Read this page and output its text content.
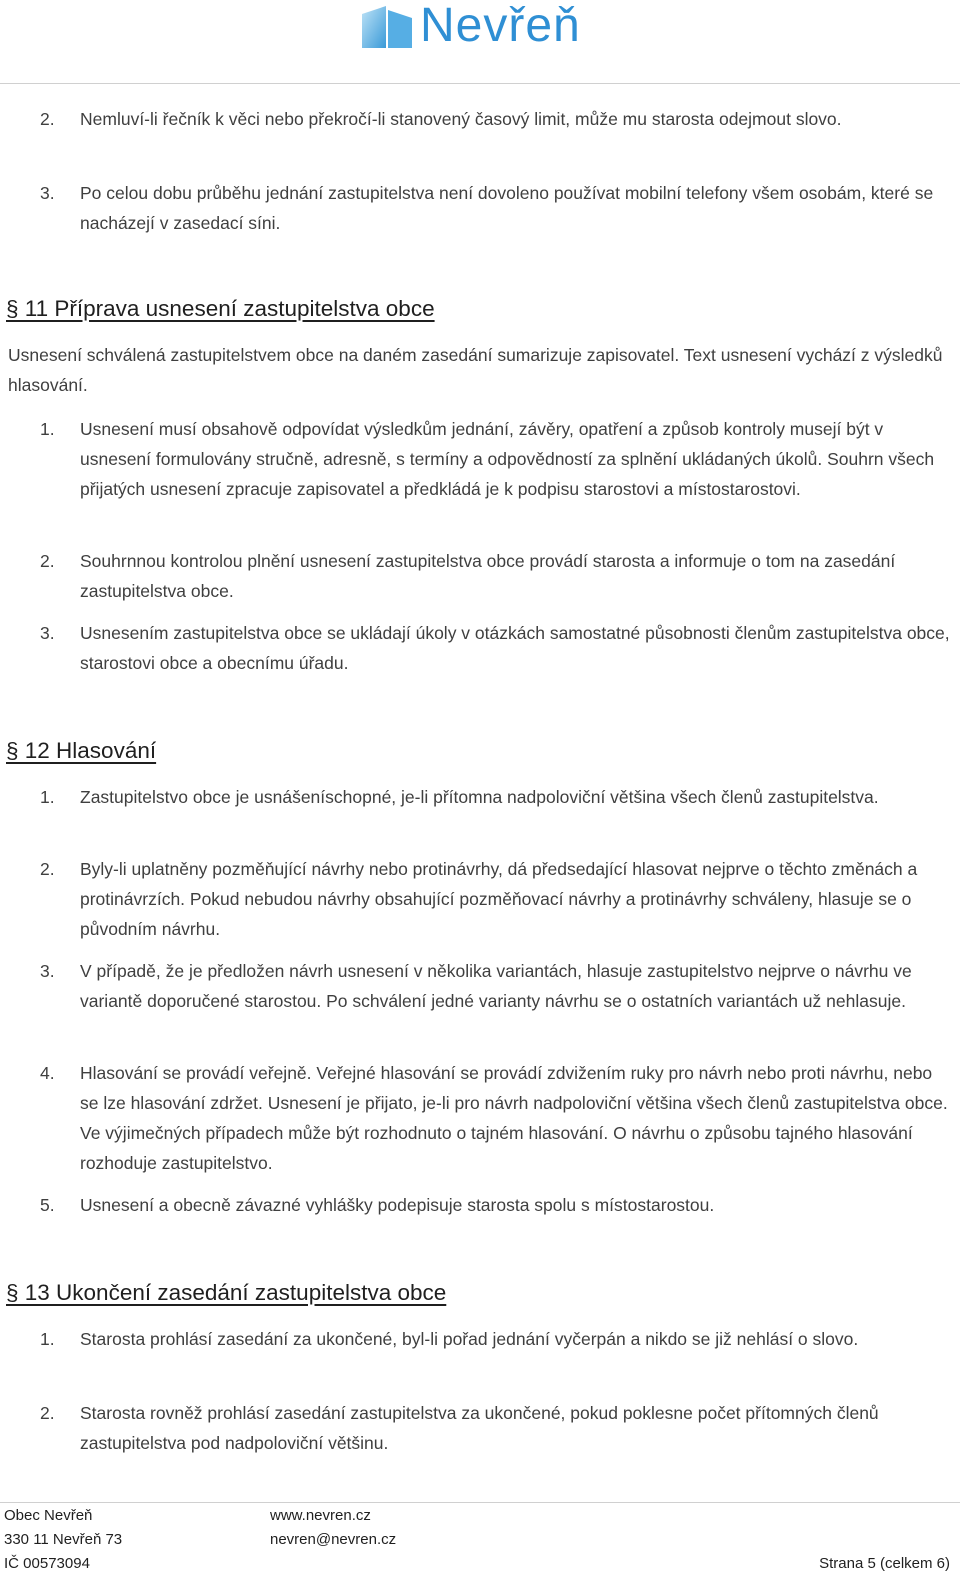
Nevřeň
2. Nemluví-li řečník k věci nebo překročí-li stanovený časový limit, může mu starosta odejmout slovo.
3. Po celou dobu průběhu jednání zastupitelstva není dovoleno používat mobilní telefony všem osobám, které se nacházejí v zasedací síni.
§ 11 Příprava usnesení zastupitelstva obce
Usnesení schválená zastupitelstvem obce na daném zasedání sumarizuje zapisovatel. Text usnesení vychází z výsledků hlasování.
1. Usnesení musí obsahově odpovídat výsledkům jednání, závěry, opatření a způsob kontroly musejí být v usnesení formulovány stručně, adresně, s termíny a odpovědností za splnění ukládaných úkolů. Souhrn všech přijatých usnesení zpracuje zapisovatel a předkládá je k podpisu starostovi a místostarostovi.
2. Souhrnnou kontrolou plnění usnesení zastupitelstva obce provádí starosta a informuje o tom na zasedání zastupitelstva obce.
3. Usnesením zastupitelstva obce se ukládají úkoly v otázkách samostatné působnosti členům zastupitelstva obce, starostovi obce a obecnímu úřadu.
§ 12 Hlasování
1. Zastupitelstvo obce je usnášeníschopné, je-li přítomna nadpoloviční většina všech členů zastupitelstva.
2. Byly-li uplatněny pozměňující návrhy nebo protinávrhy, dá předsedající hlasovat nejprve o těchto změnách a protinávrzích. Pokud nebudou návrhy obsahující pozměňovací návrhy a protinávrhy schváleny, hlasuje se o původním návrhu.
3. V případě, že je předložen návrh usnesení v několika variantách, hlasuje zastupitelstvo nejprve o návrhu ve variantě doporučené starostou. Po schválení jedné varianty návrhu se o ostatních variantách už nehlasuje.
4. Hlasování se provádí veřejně. Veřejné hlasování se provádí zdvižením ruky pro návrh nebo proti návrhu, nebo se lze hlasování zdržet. Usnesení je přijato, je-li pro návrh nadpoloviční většina všech členů zastupitelstva obce. Ve výjimečných případech může být rozhodnuto o tajném hlasování. O návrhu o způsobu tajného hlasování rozhoduje zastupitelstvo.
5. Usnesení a obecně závazné vyhlášky podepisuje starosta spolu s místostarostou.
§ 13 Ukončení zasedání zastupitelstva obce
1. Starosta prohlásí zasedání za ukončené, byl-li pořad jednání vyčerpán a nikdo se již nehlásí o slovo.
2. Starosta rovněž prohlásí zasedání zastupitelstva za ukončené, pokud poklesne počet přítomných členů zastupitelstva pod nadpoloviční většinu.
Obec Nevřeň
330 11 Nevřeň 73
IČ 00573094
www.nevren.cz
nevren@nevren.cz
Strana 5 (celkem 6)
